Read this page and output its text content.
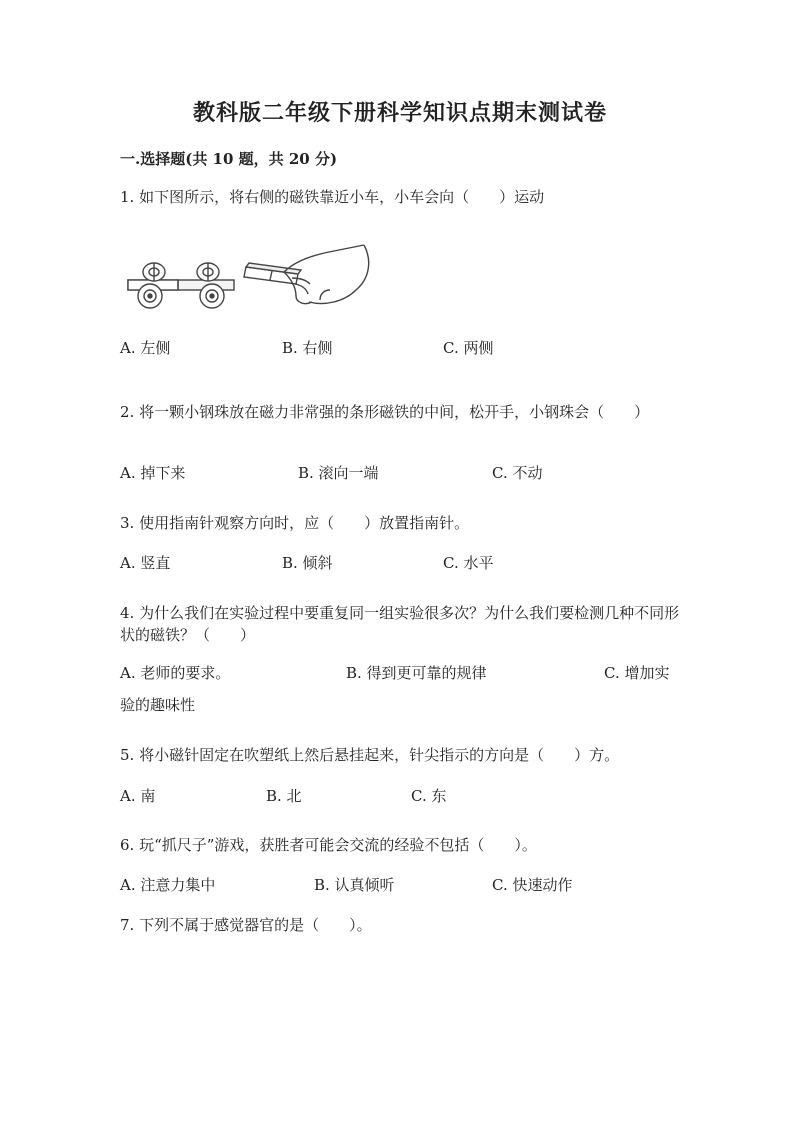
教科版二年级下册科学知识点期末测试卷
一.选择题(共 10 题，共 20 分)
1. 如下图所示，将右侧的磁铁靠近小车，小车会向（　　）运动
A. 左侧	B. 右侧	C. 两侧
2. 将一颗小钢珠放在磁力非常强的条形磁铁的中间，松开手，小钢珠会（　　）
A. 掉下来	B. 滚向一端	C. 不动
3. 使用指南针观察方向时，应（　　）放置指南针。
A. 竖直	B. 倾斜	C. 水平
4. 为什么我们在实验过程中要重复同一组实验很多次？为什么我们要检测几种不同形状的磁铁？（　　）
A. 老师的要求。	B. 得到更可靠的规律	C. 增加实
验的趣味性
5. 将小磁针固定在吹塑纸上然后悬挂起来，针尖指示的方向是（　　）方。
A. 南	B. 北	C. 东
6. 玩“抓尺子”游戏，获胜者可能会交流的经验不包括（　　）。
A. 注意力集中	B. 认真倾听	C. 快速动作
7. 下列不属于感觉器官的是（　　）。
